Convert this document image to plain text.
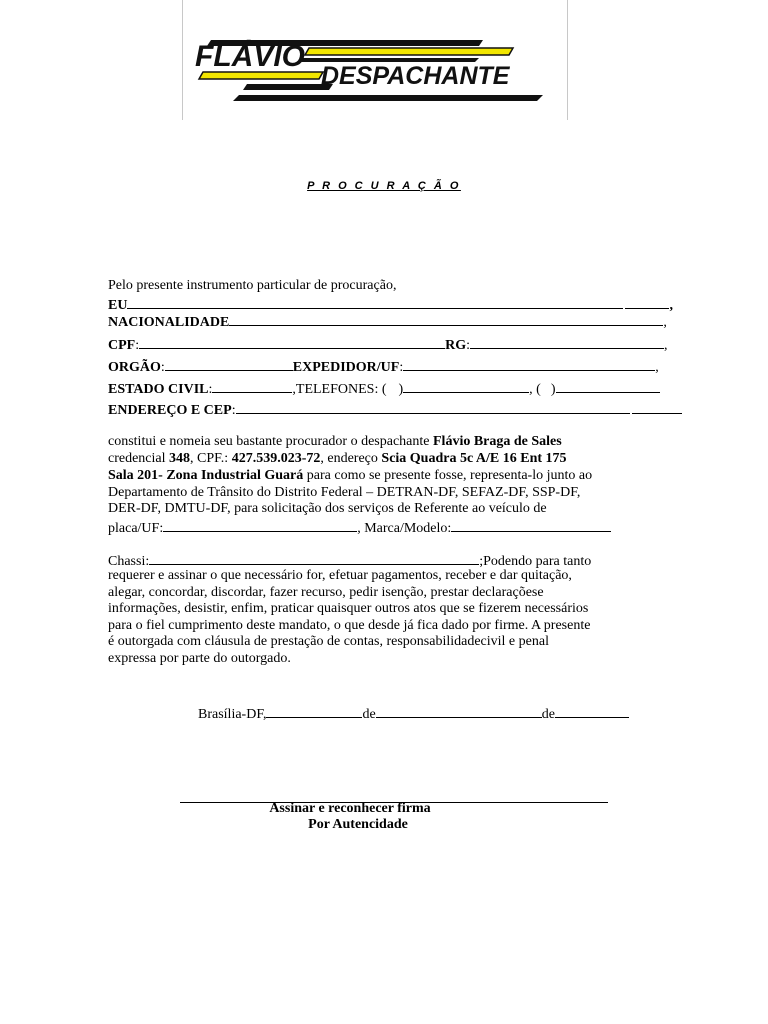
FLÁVIO
DESPACHANTE
P R O C U R A Ç Ã O
Pelo presente instrumento particular de procuração,
EU	,
NACIONALIDADE	,
CPF:	RG:	,
ORGÃO:	EXPEDIDOR/UF:	,
ESTADO CIVIL:	,TELEFONES: ( )	, ( )
ENDEREÇO E CEP:
constitui e nomeia seu bastante procurador o despachante Flávio Braga de Sales
credencial 348, CPF.: 427.539.023-72, endereço Scia Quadra 5c A/E 16 Ent 175
Sala 201- Zona Industrial Guará para como se presente fosse, representa-lo junto ao
Departamento de Trânsito do Distrito Federal – DETRAN-DF, SEFAZ-DF, SSP-DF,
DER-DF, DMTU-DF, para solicitação dos serviços de Referente ao veículo de
placa/UF:	, Marca/Modelo:
Chassi:	;Podendo para tanto
requerer e assinar o que necessário for, efetuar pagamentos, receber e dar quitação,
alegar, concordar, discordar, fazer recurso, pedir isenção, prestar declaraçõese
informações, desistir, enfim, praticar quaisquer outros atos que se fizerem necessários
para o fiel cumprimento deste mandato, o que desde já fica dado por firme. A presente
é outorgada com cláusula de prestação de contas, responsabilidadecivil e penal
expressa por parte do outorgado.
Brasília-DF,	de	de
Assinar e reconhecer firma
Por Autencidade
